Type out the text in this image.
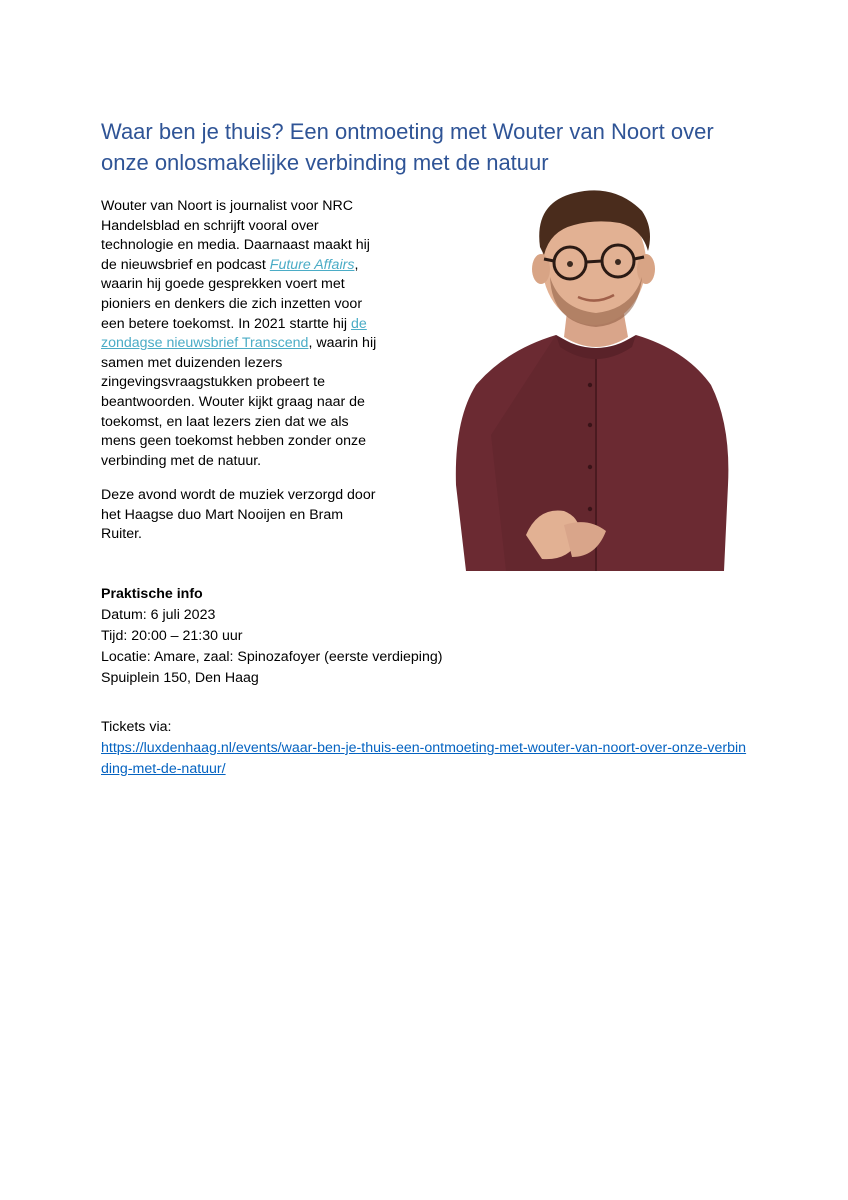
Waar ben je thuis? Een ontmoeting met Wouter van Noort over onze onlosmakelijke verbinding met de natuur

Wouter van Noort is journalist voor NRC Handelsblad en schrijft vooral over technologie en media. Daarnaast maakt hij de nieuwsbrief en podcast Future Affairs, waarin hij goede gesprekken voert met pioniers en denkers die zich inzetten voor een betere toekomst. In 2021 startte hij de zondagse nieuwsbrief Transcend, waarin hij samen met duizenden lezers zingevingsvraagstukken probeert te beantwoorden. Wouter kijkt graag naar de toekomst, en laat lezers zien dat we als mens geen toekomst hebben zonder onze verbinding met de natuur.

Deze avond wordt de muziek verzorgd door het Haagse duo Mart Nooijen en Bram Ruiter.

Praktische info
Datum: 6 juli 2023
Tijd: 20:00 – 21:30 uur
Locatie: Amare, zaal: Spinozafoyer (eerste verdieping)
Spuiplein 150, Den Haag
Tickets via:
https://luxdenhaag.nl/events/waar-ben-je-thuis-een-ontmoeting-met-wouter-van-noort-over-onze-verbinding-met-de-natuur/
